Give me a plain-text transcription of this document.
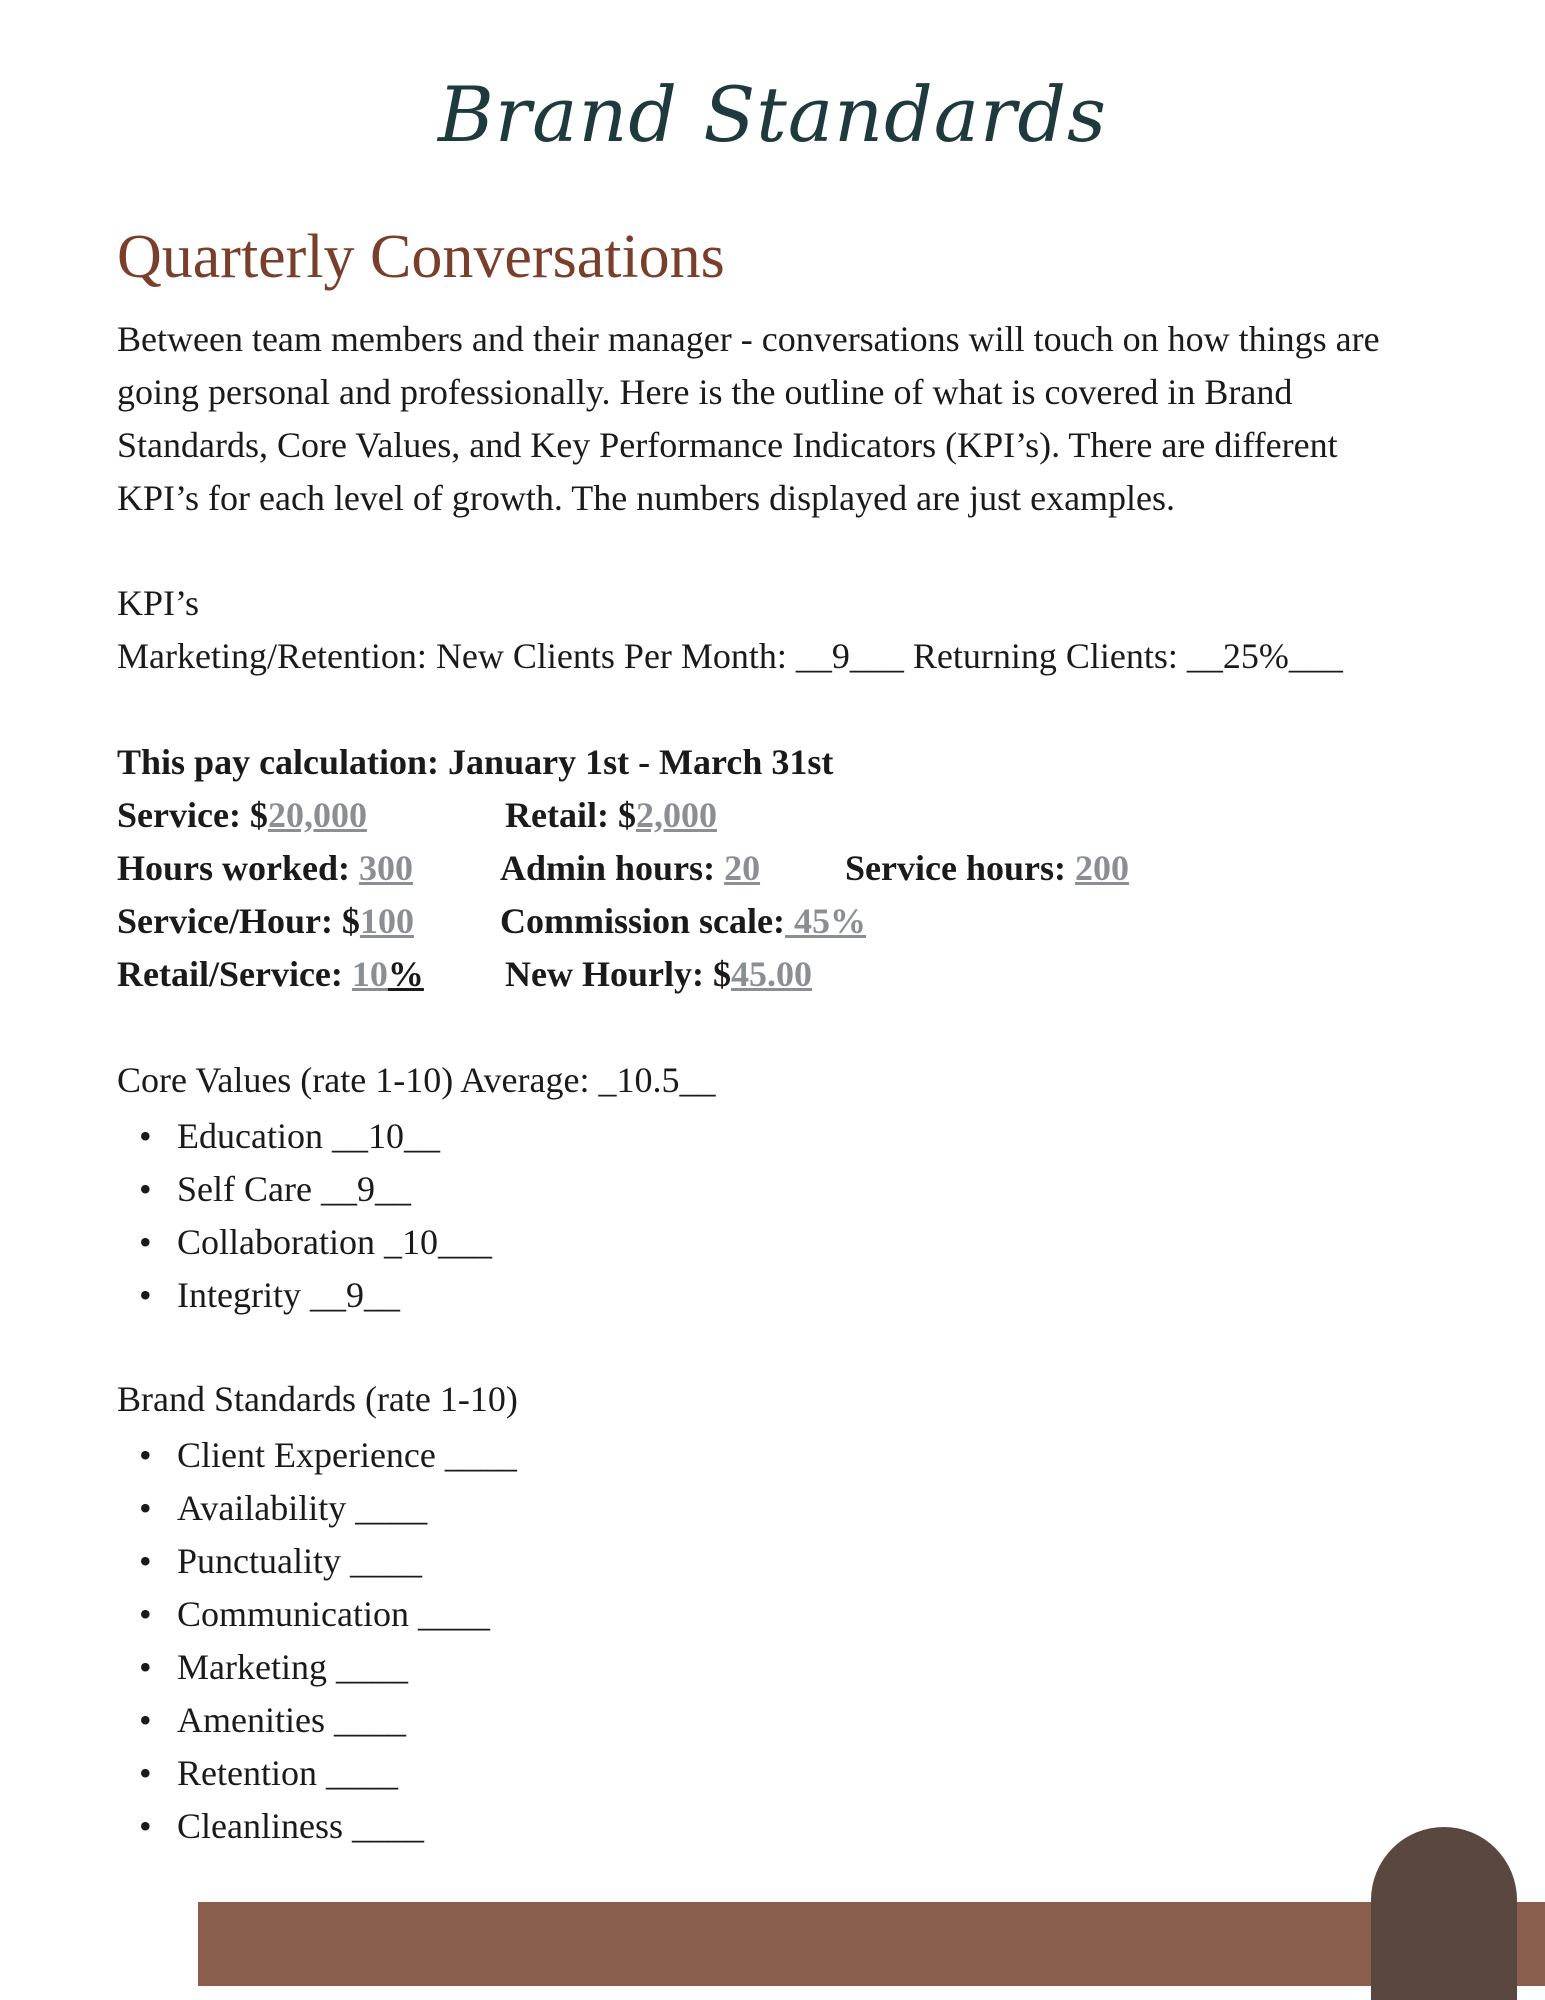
Brand Standards
Quarterly Conversations

Between team members and their manager - conversations will touch on how things are going personal and professionally. Here is the outline of what is covered in Brand Standards, Core Values, and Key Performance Indicators (KPI’s). There are different KPI’s for each level of growth. The numbers displayed are just examples.

KPI’s
Marketing/Retention: New Clients Per Month: __9___ Returning Clients: __25%___
This pay calculation: January 1st - March 31st
Service: $20,000	Retail: $2,000
Hours worked: 300 Admin hours: 20 Service hours: 200
Service/Hour: $100 Commission scale: 45%
Retail/Service: 10% New Hourly: $45.00
Core Values (rate 1-10) Average: _10.5__
• Education __10__
• Self Care __9__
• Collaboration _10___
• Integrity __9__
Brand Standards (rate 1-10)
• Client Experience ____
• Availability ____
• Punctuality ____
• Communication ____
• Marketing ____
• Amenities ____
• Retention ____
• Cleanliness ____
